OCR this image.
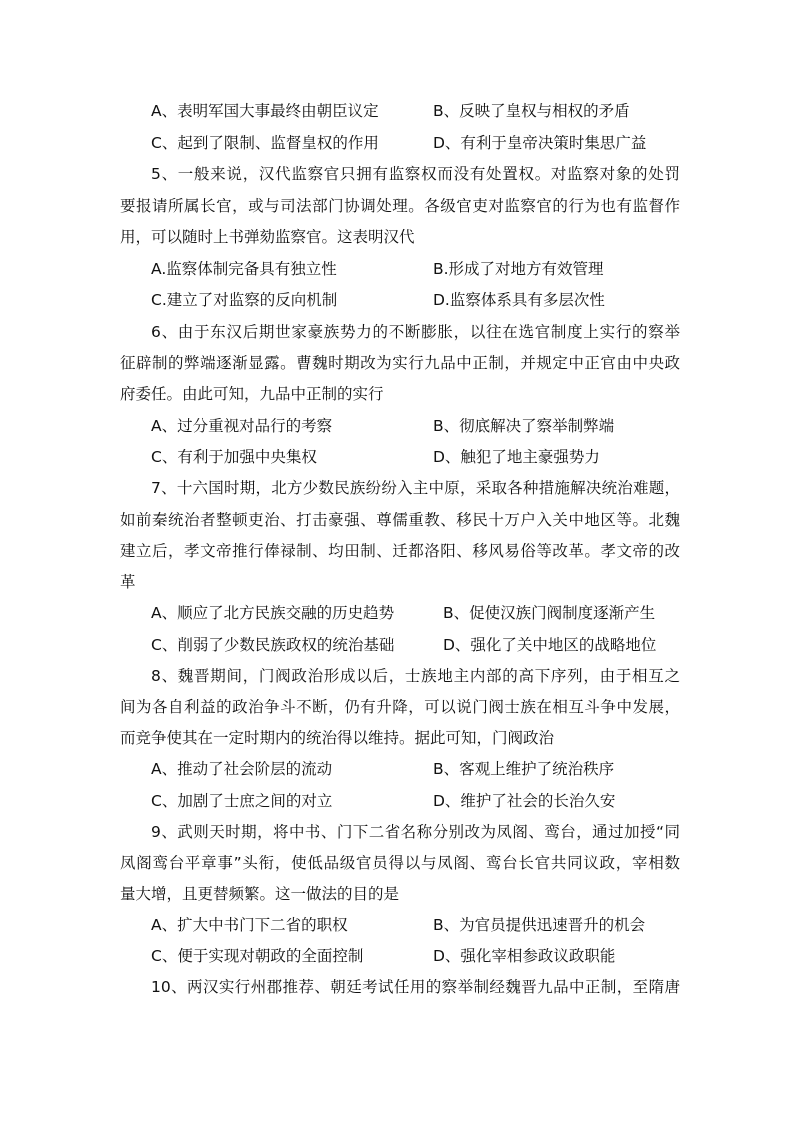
A、表明军国大事最终由朝臣议定	B、反映了皇权与相权的矛盾
C、起到了限制、监督皇权的作用	D、有利于皇帝决策时集思广益
5、一般来说，汉代监察官只拥有监察权而没有处置权。对监察对象的处罚
要报请所属长官，或与司法部门协调处理。各级官吏对监察官的行为也有监督作
用，可以随时上书弹劾监察官。这表明汉代
A.监察体制完备具有独立性	B.形成了对地方有效管理
C.建立了对监察的反向机制	D.监察体系具有多层次性
6、由于东汉后期世家豪族势力的不断膨胀，以往在选官制度上实行的察举
征辟制的弊端逐渐显露。曹魏时期改为实行九品中正制，并规定中正官由中央政
府委任。由此可知，九品中正制的实行
A、过分重视对品行的考察	B、彻底解决了察举制弊端
C、有利于加强中央集权	D、触犯了地主豪强势力
7、十六国时期，北方少数民族纷纷入主中原，采取各种措施解决统治难题，
如前秦统治者整顿吏治、打击豪强、尊儒重教、移民十万户入关中地区等。北魏
建立后，孝文帝推行俸禄制、均田制、迁都洛阳、移风易俗等改革。孝文帝的改
革
A、顺应了北方民族交融的历史趋势	B、促使汉族门阀制度逐渐产生
C、削弱了少数民族政权的统治基础	D、强化了关中地区的战略地位
8、魏晋期间，门阀政治形成以后，士族地主内部的高下序列，由于相互之
间为各自利益的政治争斗不断，仍有升降，可以说门阀士族在相互斗争中发展，
而竞争使其在一定时期内的统治得以维持。据此可知，门阀政治
A、推动了社会阶层的流动	B、客观上维护了统治秩序
C、加剧了士庶之间的对立	D、维护了社会的长治久安
9、武则天时期，将中书、门下二省名称分别改为凤阁、鸾台，通过加授“同
凤阁鸾台平章事”头衔，使低品级官员得以与凤阁、鸾台长官共同议政，宰相数
量大增，且更替频繁。这一做法的目的是
A、扩大中书门下二省的职权	B、为官员提供迅速晋升的机会
C、便于实现对朝政的全面控制	D、强化宰相参政议政职能
10、两汉实行州郡推荐、朝廷考试任用的察举制经魏晋九品中正制，至隋唐
